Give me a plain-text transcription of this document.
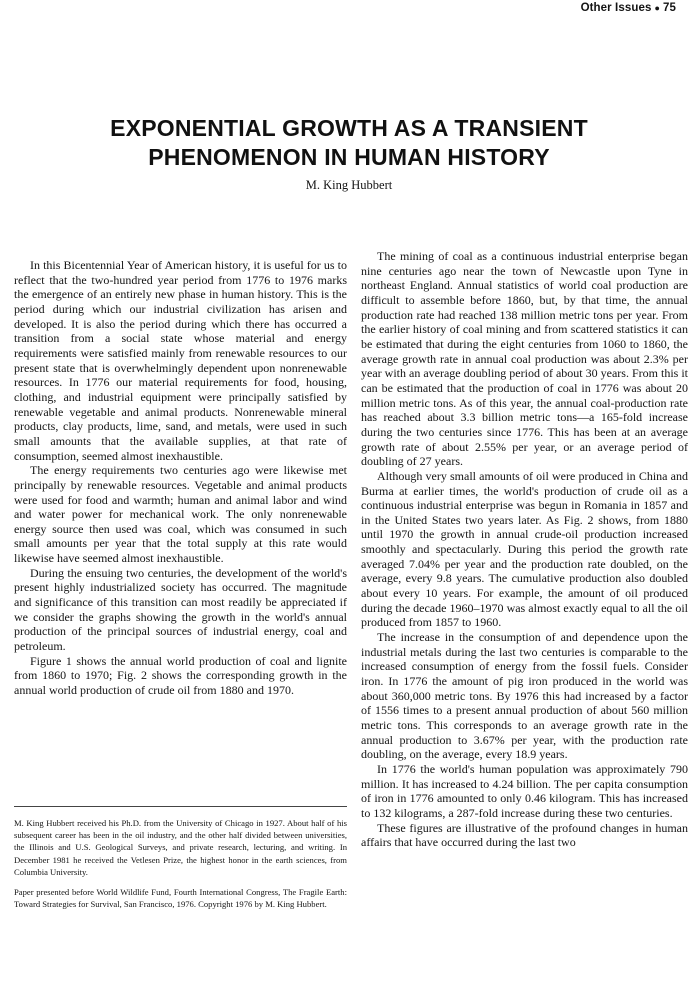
Other Issues ● 75
EXPONENTIAL GROWTH AS A TRANSIENT
PHENOMENON IN HUMAN HISTORY
M. King Hubbert

In this Bicentennial Year of American history, it is useful for us to reflect that the two-hundred year period from 1776 to 1976 marks the emergence of an entirely new phase in human history. This is the period during which our industrial civilization has arisen and developed. It is also the period during which there has occurred a transition from a social state whose material and energy requirements were satisfied mainly from renewable resources to our present state that is overwhelmingly dependent upon nonrenewable resources. In 1776 our material requirements for food, housing, clothing, and industrial equipment were principally satisfied by renewable vegetable and animal products. Nonrenewable mineral products, clay products, lime, sand, and metals, were used in such small amounts that the available supplies, at that rate of consumption, seemed almost inexhaustible.

The energy requirements two centuries ago were likewise met principally by renewable resources. Vegetable and animal products were used for food and warmth; human and animal labor and wind and water power for mechanical work. The only nonrenewable energy source then used was coal, which was consumed in such small amounts per year that the total supply at this rate would likewise have seemed almost inexhaustible.

During the ensuing two centuries, the development of the world's present highly industrialized society has occurred. The magnitude and significance of this transition can most readily be appreciated if we consider the graphs showing the growth in the world's annual production of the principal sources of industrial energy, coal and petroleum.

Figure 1 shows the annual world production of coal and lignite from 1860 to 1970; Fig. 2 shows the corresponding growth in the annual world production of crude oil from 1880 and 1970.

M. King Hubbert received his Ph.D. from the University of Chicago in 1927. About half of his subsequent career has been in the oil industry, and the other half divided between universities, the Illinois and U.S. Geological Surveys, and private research, lecturing, and writing. In December 1981 he received the Vetlesen Prize, the highest honor in the earth sciences, from Columbia University.

Paper presented before World Wildlife Fund, Fourth International Congress, The Fragile Earth: Toward Strategies for Survival, San Francisco, 1976. Copyright 1976 by M. King Hubbert.

The mining of coal as a continuous industrial enterprise began nine centuries ago near the town of Newcastle upon Tyne in northeast England. Annual statistics of world coal production are difficult to assemble before 1860, but, by that time, the annual production rate had reached 138 million metric tons per year. From the earlier history of coal mining and from scattered statistics it can be estimated that during the eight centuries from 1060 to 1860, the average growth rate in annual coal production was about 2.3% per year with an average doubling period of about 30 years. From this it can be estimated that the production of coal in 1776 was about 20 million metric tons. As of this year, the annual coal-production rate has reached about 3.3 billion metric tons—a 165-fold increase during the two centuries since 1776. This has been at an average growth rate of about 2.55% per year, or an average period of doubling of 27 years.

Although very small amounts of oil were produced in China and Burma at earlier times, the world's production of crude oil as a continuous industrial enterprise was begun in Romania in 1857 and in the United States two years later. As Fig. 2 shows, from 1880 until 1970 the growth in annual crude-oil production increased smoothly and spectacularly. During this period the growth rate averaged 7.04% per year and the production rate doubled, on the average, every 9.8 years. The cumulative production also doubled about every 10 years. For example, the amount of oil produced during the decade 1960–1970 was almost exactly equal to all the oil produced from 1857 to 1960.

The increase in the consumption of and dependence upon the industrial metals during the last two centuries is comparable to the increased consumption of energy from the fossil fuels. Consider iron. In 1776 the amount of pig iron produced in the world was about 360,000 metric tons. By 1976 this had increased by a factor of 1556 times to a present annual production of about 560 million metric tons. This corresponds to an average growth rate in the annual production to 3.67% per year, with the production rate doubling, on the average, every 18.9 years.

In 1776 the world's human population was approximately 790 million. It has increased to 4.24 billion. The per capita consumption of iron in 1776 amounted to only 0.46 kilogram. This has increased to 132 kilograms, a 287-fold increase during these two centuries.

These figures are illustrative of the profound changes in human affairs that have occurred during the last two
